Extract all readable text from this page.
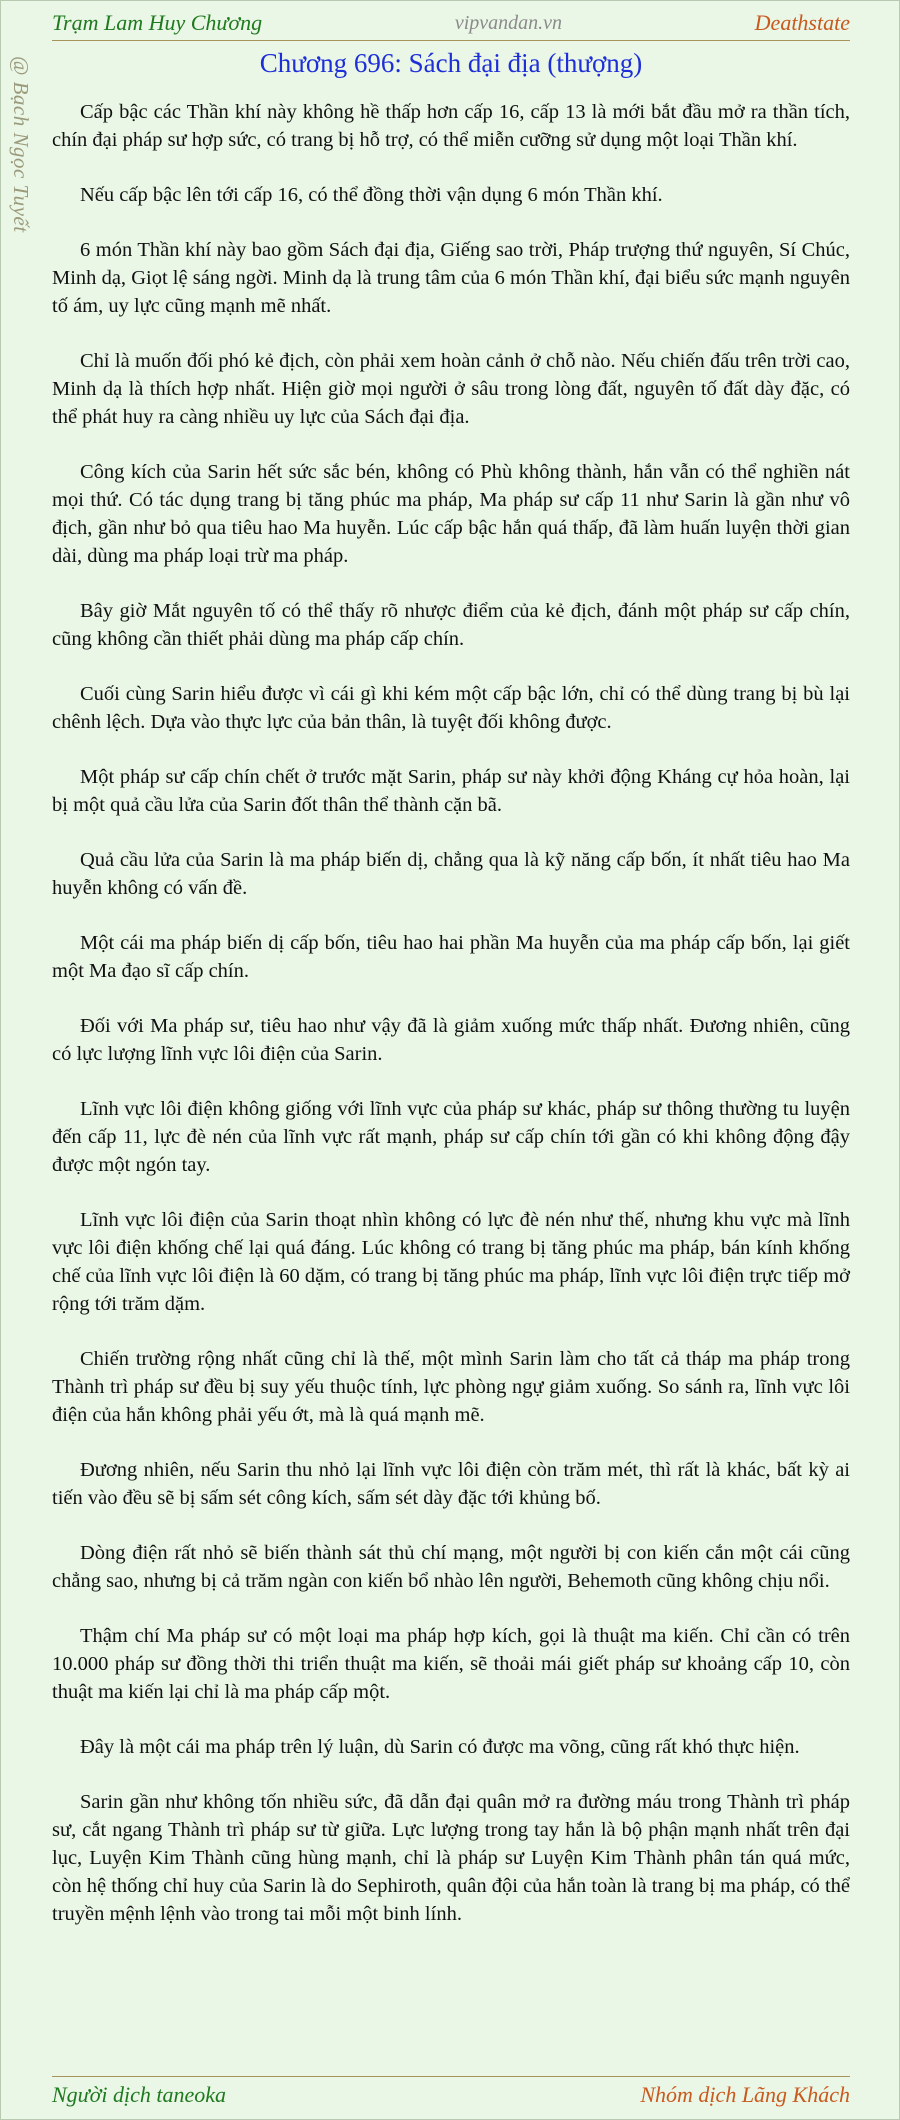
Trạm Lam Huy Chương	vipvandan.vn	Deathstate
@ Bạch Ngọc Tuyết	Chương 696: Sách đại địa (thượng)

Cấp bậc các Thần khí này không hề thấp hơn cấp 16, cấp 13 là mới bắt đầu mở ra thần tích, chín đại pháp sư hợp sức, có trang bị hỗ trợ, có thể miễn cưỡng sử dụng một loại Thần khí.

Nếu cấp bậc lên tới cấp 16, có thể đồng thời vận dụng 6 món Thần khí.

6 món Thần khí này bao gồm Sách đại địa, Giếng sao trời, Pháp trượng thứ nguyên, Sí Chúc, Minh dạ, Giọt lệ sáng ngời. Minh dạ là trung tâm của 6 món Thần khí, đại biểu sức mạnh nguyên tố ám, uy lực cũng mạnh mẽ nhất.

Chỉ là muốn đối phó kẻ địch, còn phải xem hoàn cảnh ở chỗ nào. Nếu chiến đấu trên trời cao, Minh dạ là thích hợp nhất. Hiện giờ mọi người ở sâu trong lòng đất, nguyên tố đất dày đặc, có thể phát huy ra càng nhiều uy lực của Sách đại địa.

Công kích của Sarin hết sức sắc bén, không có Phù không thành, hắn vẫn có thể nghiền nát mọi thứ. Có tác dụng trang bị tăng phúc ma pháp, Ma pháp sư cấp 11 như Sarin là gần như vô địch, gần như bỏ qua tiêu hao Ma huyễn. Lúc cấp bậc hắn quá thấp, đã làm huấn luyện thời gian dài, dùng ma pháp loại trừ ma pháp.

Bây giờ Mắt nguyên tố có thể thấy rõ nhược điểm của kẻ địch, đánh một pháp sư cấp chín, cũng không cần thiết phải dùng ma pháp cấp chín.

Cuối cùng Sarin hiểu được vì cái gì khi kém một cấp bậc lớn, chỉ có thể dùng trang bị bù lại chênh lệch. Dựa vào thực lực của bản thân, là tuyệt đối không được.

Một pháp sư cấp chín chết ở trước mặt Sarin, pháp sư này khởi động Kháng cự hỏa hoàn, lại bị một quả cầu lửa của Sarin đốt thân thể thành cặn bã.

Quả cầu lửa của Sarin là ma pháp biến dị, chẳng qua là kỹ năng cấp bốn, ít nhất tiêu hao Ma huyễn không có vấn đề.

Một cái ma pháp biến dị cấp bốn, tiêu hao hai phần Ma huyễn của ma pháp cấp bốn, lại giết một Ma đạo sĩ cấp chín.

Đối với Ma pháp sư, tiêu hao như vậy đã là giảm xuống mức thấp nhất. Đương nhiên, cũng có lực lượng lĩnh vực lôi điện của Sarin.

Lĩnh vực lôi điện không giống với lĩnh vực của pháp sư khác, pháp sư thông thường tu luyện đến cấp 11, lực đè nén của lĩnh vực rất mạnh, pháp sư cấp chín tới gần có khi không động đậy được một ngón tay.

Lĩnh vực lôi điện của Sarin thoạt nhìn không có lực đè nén như thế, nhưng khu vực mà lĩnh vực lôi điện khống chế lại quá đáng. Lúc không có trang bị tăng phúc ma pháp, bán kính khống chế của lĩnh vực lôi điện là 60 dặm, có trang bị tăng phúc ma pháp, lĩnh vực lôi điện trực tiếp mở rộng tới trăm dặm.

Chiến trường rộng nhất cũng chỉ là thế, một mình Sarin làm cho tất cả tháp ma pháp trong Thành trì pháp sư đều bị suy yếu thuộc tính, lực phòng ngự giảm xuống. So sánh ra, lĩnh vực lôi điện của hắn không phải yếu ớt, mà là quá mạnh mẽ.

Đương nhiên, nếu Sarin thu nhỏ lại lĩnh vực lôi điện còn trăm mét, thì rất là khác, bất kỳ ai tiến vào đều sẽ bị sấm sét công kích, sấm sét dày đặc tới khủng bố.

Dòng điện rất nhỏ sẽ biến thành sát thủ chí mạng, một người bị con kiến cắn một cái cũng chẳng sao, nhưng bị cả trăm ngàn con kiến bổ nhào lên người, Behemoth cũng không chịu nổi.

Thậm chí Ma pháp sư có một loại ma pháp hợp kích, gọi là thuật ma kiến. Chỉ cần có trên 10.000 pháp sư đồng thời thi triển thuật ma kiến, sẽ thoải mái giết pháp sư khoảng cấp 10, còn thuật ma kiến lại chỉ là ma pháp cấp một.

Đây là một cái ma pháp trên lý luận, dù Sarin có được ma võng, cũng rất khó thực hiện.

Sarin gần như không tốn nhiều sức, đã dẫn đại quân mở ra đường máu trong Thành trì pháp sư, cắt ngang Thành trì pháp sư từ giữa. Lực lượng trong tay hắn là bộ phận mạnh nhất trên đại lục, Luyện Kim Thành cũng hùng mạnh, chỉ là pháp sư Luyện Kim Thành phân tán quá mức, còn hệ thống chỉ huy của Sarin là do Sephiroth, quân đội của hắn toàn là trang bị ma pháp, có thể truyền mệnh lệnh vào trong tai mỗi một binh lính.

Người dịch taneoka	Nhóm dịch Lãng Khách
